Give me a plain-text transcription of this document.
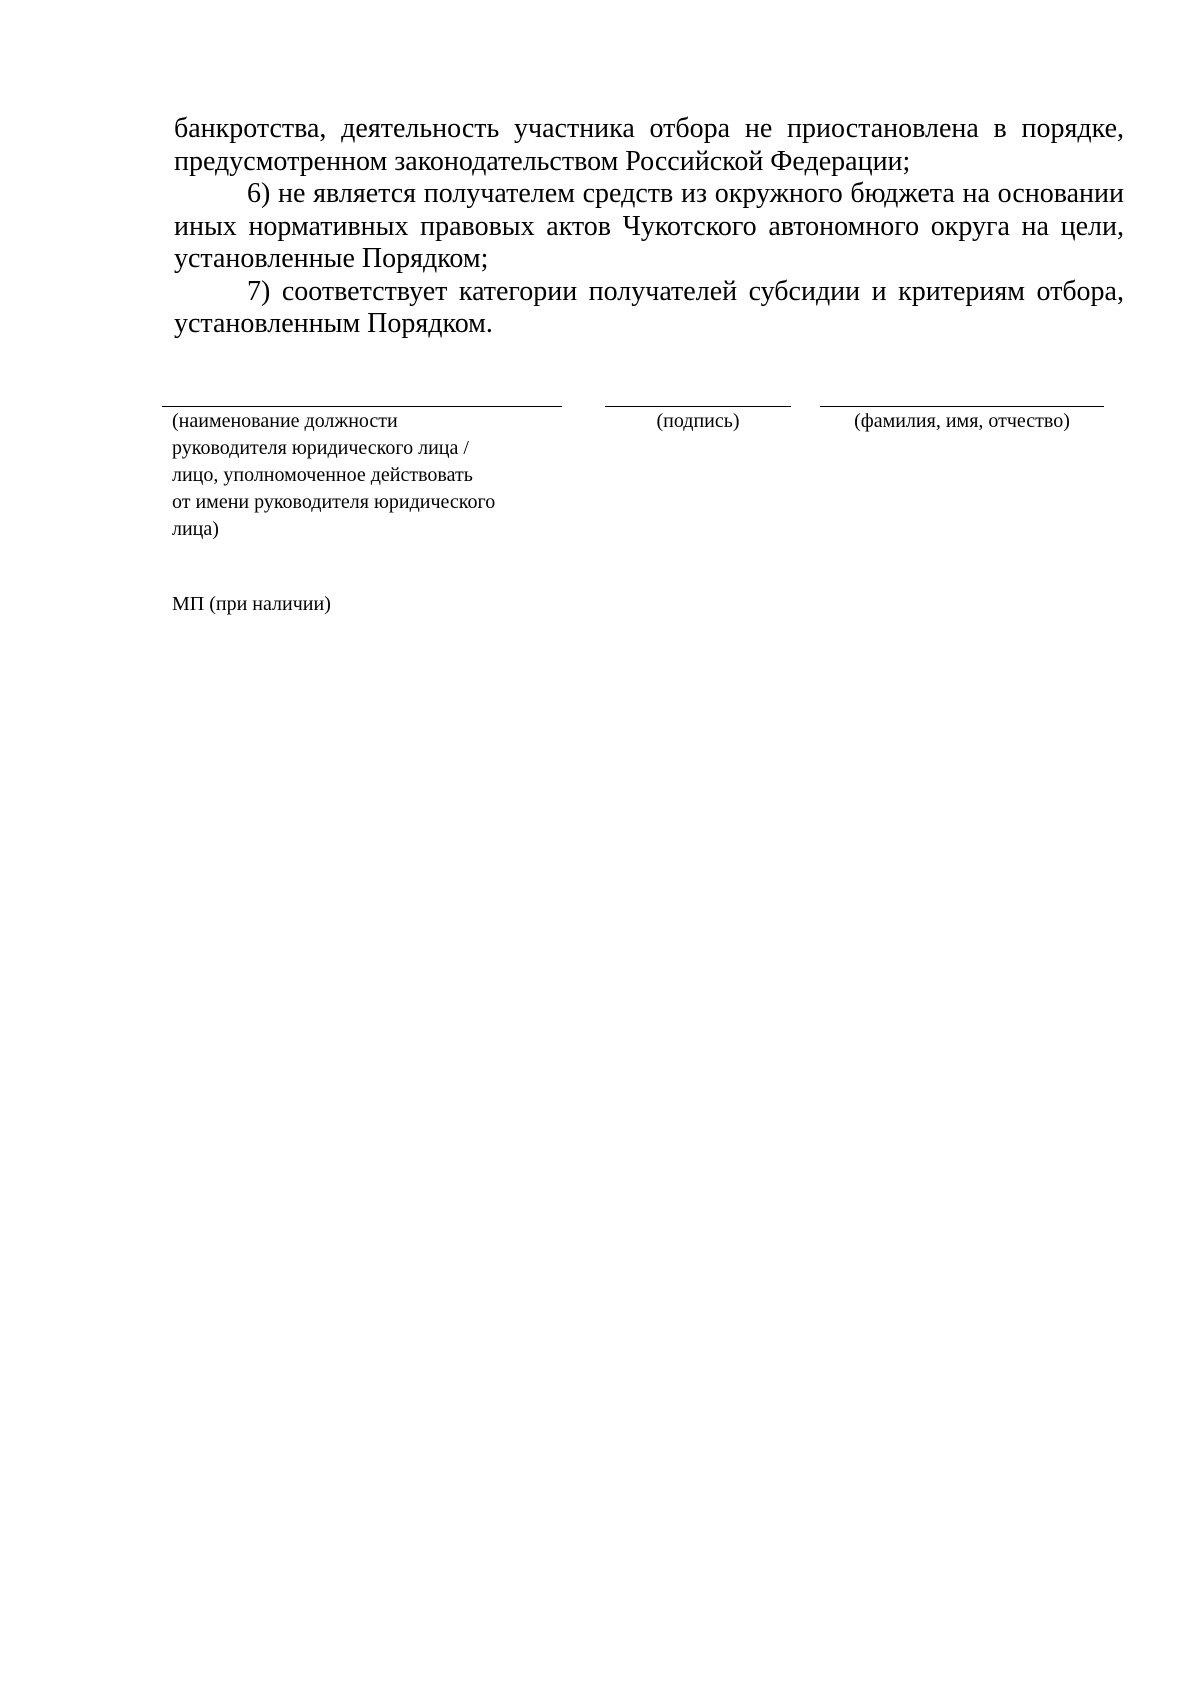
банкротства, деятельность участника отбора не приостановлена в порядке, предусмотренном законодательством Российской Федерации;

6) не является получателем средств из окружного бюджета на основании иных нормативных правовых актов Чукотского автономного округа на цели, установленные Порядком;

7) соответствует категории получателей субсидии и критериям отбора, установленным Порядком.

(наименование должности
руководителя юридического лица /
лицо, уполномоченное действовать
от имени руководителя юридического
лица)

(подпись)	(фамилия, имя, отчество)

МП (при наличии)
